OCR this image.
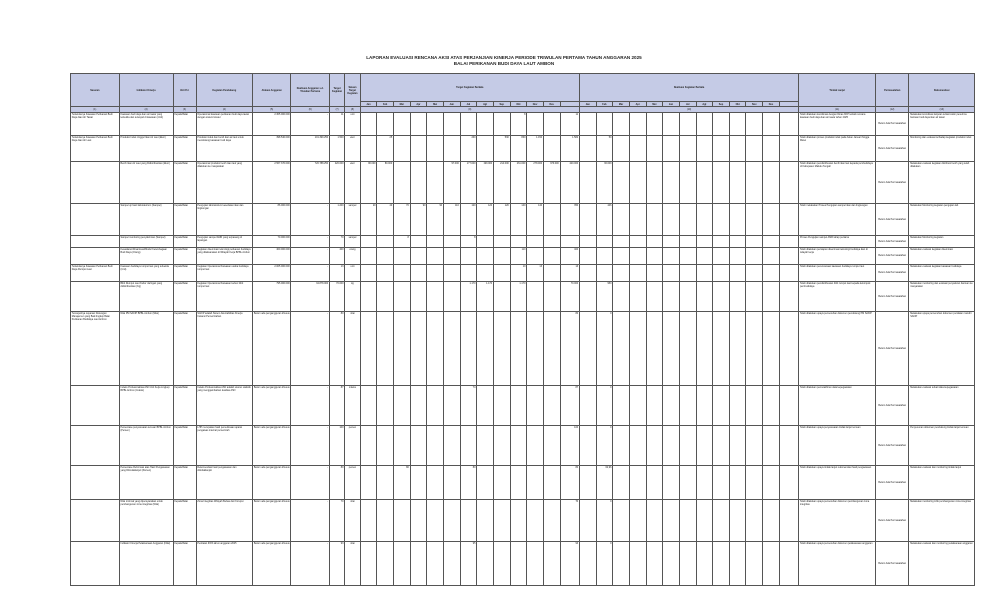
LAPORAN EVALUASI RENCANA AKSI ATAS PERJANJIAN KINERJA PERIODE TRIWULAN PERTAMA TAHUN ANGGARAN 2025
BALAI PERIKANAN BUDI DAYA LAUT AMBON
Sasaran	Indikator Kinerja	Unit P.J.	Kegiatan Pendukung	Alokasi Anggaran	Realisasi Anggaran s.d. Triwulan Pertama	Target Kegiatan	Satuan Target Kegiatan	Target Kegiatan Berkala													Realisasi Kegiatan Berkala													Tindak Lanjut	Permasalahan	Rekomendasi
								Jan	Feb	Mar	Apr	Mei	Jun	Jul	Agt	Sep	Okt	Nov	Des		Jan	Feb	Mar	Apr	Mei	Jun	Jul	Agt	Sep	Okt	Nov	Des				
(1)	(2)	(3)	(4)	(5)	(6)	(7)	(8)	(9)													(10)													(11)	(12)	(13)
Terkelolanya Kawasan Perikanan Budi Daya Ikan Air Tawar	Kawasan budi daya ikan air tawar yang terkelola dan terwujud di kawasan (Unit)	Kepala Balai	Operasional kawasan perikanan budi daya tawar dengan sistem kluster	2.305.000.000	-	11	unit										8			11														Telah dilakukan koordinasi dengan Dinas KKP terkait rencana kawasan budi daya ikan air tawar tahun 2025	Belum Ada Permasalahan	Melakukan koordinasi lanjutan terkait calon penerima bantuan budi daya ikan air tawar
Terkelolanya Kawasan Perikanan Budi Daya Ikan Air Laut	Produksi Induk Unggul Ikan Air Laut (Ekor)	Kepala Balai	Produksi induk dan benih ikan air laut untuk mendukung kawasan budi daya	398.540.000	101.399.250	1.500	ekor		25					260		530	860	1.150		1.582		50												Telah dilakukan proses produksi induk pada bulan Januari hingga Maret	Belum Ada Permasalahan	Monitoring dan evaluasi terhadap kegiatan produksi induk
	Benih Ikan Air Laut yang Didistribusikan (Ekor)	Kepala Balai	Operasional produksi benih ikan laut yang dilakukan ke masyarakat	2.567.370.000	720.788.250	420.000	ekor	80.000	80.000				97.000	177.000	199.000	214.000	261.000	278.000	376.000	420.000		36.009												Telah dilakukan pendistribusian benih ikan laut kepada pembudidaya di Kabupaten Maluku Tengah	Belum Ada Permasalahan	Melakukan evaluasi kegiatan distribusi benih yang telah dilakukan
	Sampel uji hasil laboratorium (Sampel)	Kepala Balai	Pengujian laboratorium kesehatan ikan dan lingkungan	86.000.000	-	1.200	sampel	20	40	70	90	90	110	120	120	120	140	140		350		446												Telah melakukan Proses Pengujian sampel ikan dan lingkungan	Belum Ada Permasalahan	Melakukan Monitoring kegiatan pengujian lab
	Sampel monitoring penyakit ikan (Sampel)	Kepala Balai	Pengujian sampel AMR yang terpasang di lapangan	70.000.000	-	70	sampel			8				8																				Proses Pengujian sampel AMR tahap pertama	Belum Ada Permasalahan	Melakukan Monitoring kegiatan
	Kesadaran/Dinamisasi/Modul Kelembagaan Budi Daya (Orang)	Kepala Balai	Kegiatan diseminasi teknologi perikanan budidaya yang dilaksanakan di Wilayah Kerja BPBL Ambon	400.000.000	-	400	orang										110			400														Telah dilakukan persiapan diseminasi teknologi budidaya ikan di wilayah kerja	Belum Ada Permasalahan	Melakukan evaluasi kegiatan diseminasi
Terkelolanya Kawasan Perikanan Budi Daya Rumput Laut	Kawasan budidaya rumput laut yang terkelola (Unit)	Kepala Balai	Kegiatan Operasional Kawasan usaha budidaya rumput laut	2.005.000.000	-	13	unit										10	13		13														Telah dilakukan perencanaan kawasan budidaya rumput laut	Belum Ada Permasalahan	Melakukan evaluasi kegiatan kawasan budidaya
	Bibit Rumput Laut Kultur Jaringan yang didistribusikan (Kg)	Kepala Balai	Kegiatan Operasional Kawasan kebun bibit rumput laut	795.000.000	34.878.000	70.000	kg							1.170	1.170		1.170			70.000		950												Telah dilakukan pendistribusian bibit rumput laut kepada kelompok pembudidaya	Belum Ada Permasalahan	Melakukan monitoring dan evaluasi penyaluran bantuan ke masyarakat
Terwujudnya Layanan Dukungan Manajemen yang Baik lingkup Balai Perikanan Budidaya Laut Ambon	Nilai PM SAKIP BPBL Ambon (Nilai)	Kepala Balai	SAKIP adalah Sistem Akuntabilitas Kinerja Instansi Pemerintahan	Belum ada pengangguran khusus	-	80	nilai													80		0												Telah dilakukan upaya pemenuhan dokumen pendukung PM SAKIP	Belum Ada Permasalahan	Melakukan upaya pemenuhan dokumen penilaian mandiri SAKIP
	Indeks Profesionalitas ASN Unit Kerja Lingkup BPBL Ambon (Indeks)	Kepala Balai	Indeks Profesionalitas ASN adalah ukuran statistik yang menggambarkan kualitas ASN	Belum ada pengangguran khusus	-	87	indeks							74						87		0												Telah dilakukan pemutakhiran data kepegawaian	Belum Ada Permasalahan	Melakukan evaluasi terkait data kepegawaian
	Persentase penyelesaian temuan BPBL Ambon (Persen)	Kepala Balai	LHP merupakan hasil pemeriksaan aparat pengawas internal pemerintah	Belum ada pengangguran khusus	-	100	persen													100		0												Telah dilakukan upaya penyelesaian tindak lanjut temuan	Belum Ada Permasalahan	Penyusunan dokumen pendukung tindak lanjut temuan
	Persentase Reformasi atas Hasil Pengawasan yang Ditindaklanjuti (Persen)	Kepala Balai	Rekomendasi hasil pengawasan dan ditindaklanjuti	Belum ada pengangguran khusus	-	80	persen			80				80						80		62,96												Telah dilakukan upaya tindak lanjut rekomendasi hasil pengawasan	Belum Ada Permasalahan	Melakukan evaluasi dan monitoring tindak lanjut
	Nilai minimal yang dipersyaratkan untuk pembangunan zona integritas (Nilai)	Kepala Balai	Zona Integritas Wilayah Bebas dari Korupsi	Belum ada pengangguran khusus	-	70	nilai													70		0												Telah dilakukan upaya pemenuhan dokumen pembangunan zona integritas	Belum Ada Permasalahan	Melakukan monitoring LKE pembangunan zona integritas
	Indikator Kinerja Pelaksanaan Anggaran (Nilai)	Kepala Balai	Penilaian IKPA tahun anggaran 2025	Belum ada pengangguran khusus	-	93	nilai							95						93		0												Telah dilakukan upaya pemenuhan dokumen pelaksanaan anggaran	Belum Ada Permasalahan	Melakukan evaluasi dan monitoring pelaksanaan anggaran
